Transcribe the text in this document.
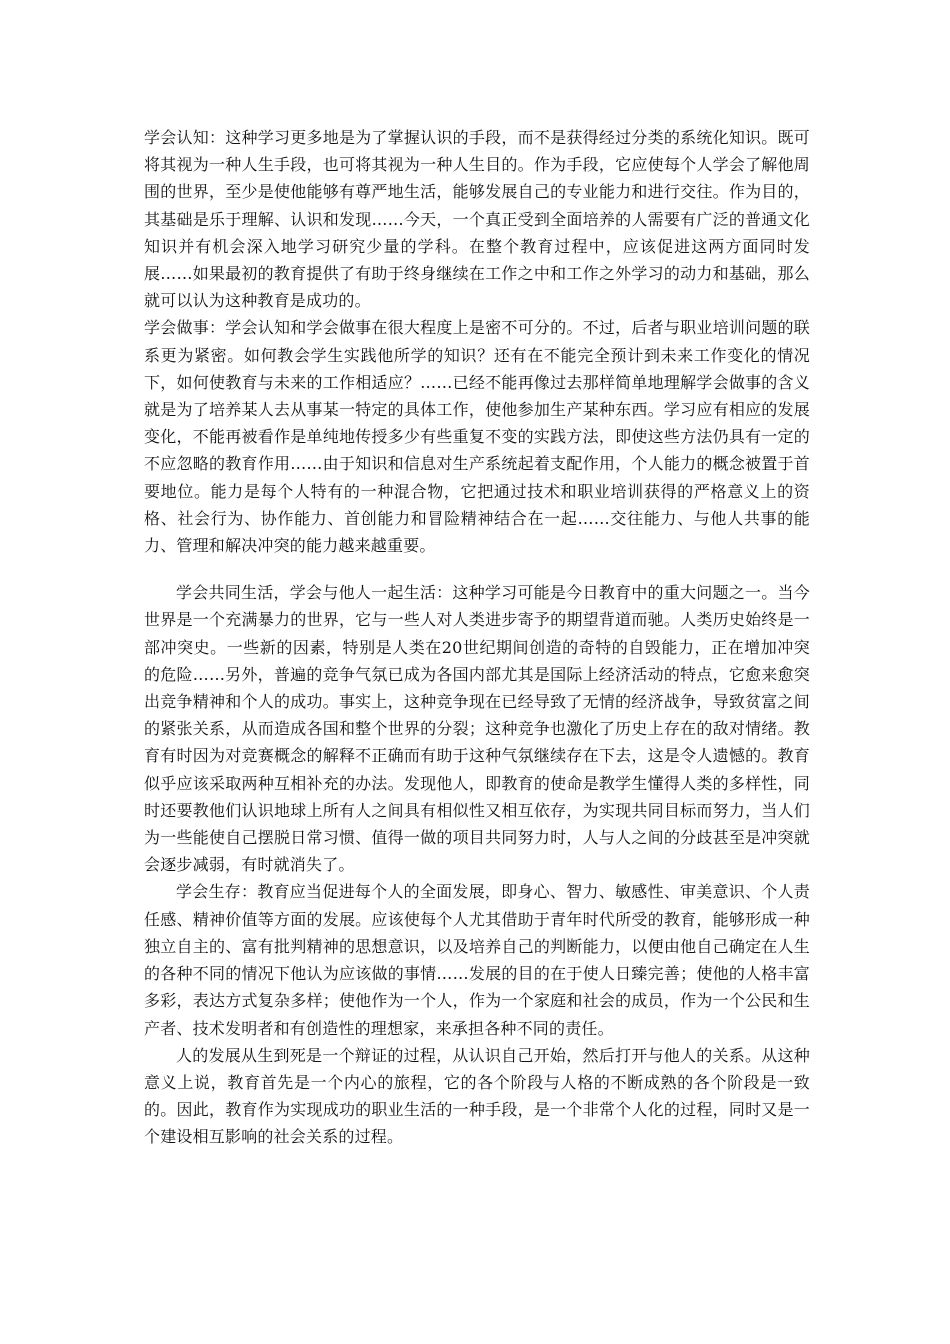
学会认知：这种学习更多地是为了掌握认识的手段，而不是获得经过分类的系统化知识。既可将其视为一种人生手段，也可将其视为一种人生目的。作为手段，它应使每个人学会了解他周围的世界，至少是使他能够有尊严地生活，能够发展自己的专业能力和进行交往。作为目的，其基础是乐于理解、认识和发现……今天，一个真正受到全面培养的人需要有广泛的普通文化知识并有机会深入地学习研究少量的学科。在整个教育过程中，应该促进这两方面同时发展……如果最初的教育提供了有助于终身继续在工作之中和工作之外学习的动力和基础，那么就可以认为这种教育是成功的。

学会做事：学会认知和学会做事在很大程度上是密不可分的。不过，后者与职业培训问题的联系更为紧密。如何教会学生实践他所学的知识？还有在不能完全预计到未来工作变化的情况下，如何使教育与未来的工作相适应？……已经不能再像过去那样简单地理解学会做事的含义就是为了培养某人去从事某一特定的具体工作，使他参加生产某种东西。学习应有相应的发展变化，不能再被看作是单纯地传授多少有些重复不变的实践方法，即使这些方法仍具有一定的不应忽略的教育作用……由于知识和信息对生产系统起着支配作用，个人能力的概念被置于首要地位。能力是每个人特有的一种混合物，它把通过技术和职业培训获得的严格意义上的资格、社会行为、协作能力、首创能力和冒险精神结合在一起……交往能力、与他人共事的能力、管理和解决冲突的能力越来越重要。

学会共同生活，学会与他人一起生活：这种学习可能是今日教育中的重大问题之一。当今世界是一个充满暴力的世界，它与一些人对人类进步寄予的期望背道而驰。人类历史始终是一部冲突史。一些新的因素，特别是人类在20世纪期间创造的奇特的自毁能力，正在增加冲突的危险……另外，普遍的竞争气氛已成为各国内部尤其是国际上经济活动的特点，它愈来愈突出竞争精神和个人的成功。事实上，这种竞争现在已经导致了无情的经济战争，导致贫富之间的紧张关系，从而造成各国和整个世界的分裂；这种竞争也激化了历史上存在的敌对情绪。教育有时因为对竞赛概念的解释不正确而有助于这种气氛继续存在下去，这是令人遗憾的。教育似乎应该采取两种互相补充的办法。发现他人，即教育的使命是教学生懂得人类的多样性，同时还要教他们认识地球上所有人之间具有相似性又相互依存，为实现共同目标而努力，当人们为一些能使自己摆脱日常习惯、值得一做的项目共同努力时，人与人之间的分歧甚至是冲突就会逐步减弱，有时就消失了。

学会生存：教育应当促进每个人的全面发展，即身心、智力、敏感性、审美意识、个人责任感、精神价值等方面的发展。应该使每个人尤其借助于青年时代所受的教育，能够形成一种独立自主的、富有批判精神的思想意识，以及培养自己的判断能力，以便由他自己确定在人生的各种不同的情况下他认为应该做的事情……发展的目的在于使人日臻完善；使他的人格丰富多彩，表达方式复杂多样；使他作为一个人，作为一个家庭和社会的成员，作为一个公民和生产者、技术发明者和有创造性的理想家，来承担各种不同的责任。

人的发展从生到死是一个辩证的过程，从认识自己开始，然后打开与他人的关系。从这种意义上说，教育首先是一个内心的旅程，它的各个阶段与人格的不断成熟的各个阶段是一致的。因此，教育作为实现成功的职业生活的一种手段，是一个非常个人化的过程，同时又是一个建设相互影响的社会关系的过程。
